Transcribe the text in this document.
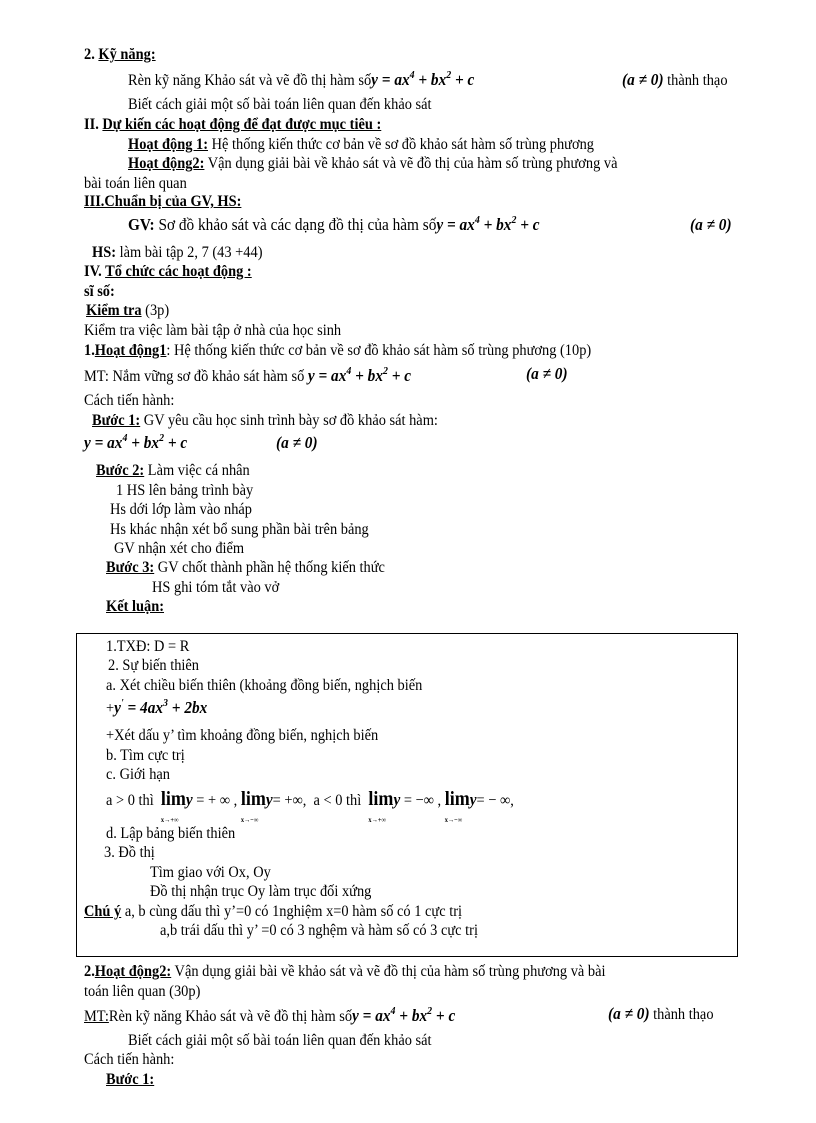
2. Kỹ năng:
Rèn kỹ năng Khảo sát và vẽ đồ thị hàm sốy = $ax^4 + bx^2 + c$	(a ≠ 0) thành thạo
Biết cách giải một số bài toán liên quan đến khảo sát
II. Dự kiến các hoạt động để đạt được mục tiêu :
Hoạt động 1: Hệ thống kiến thức cơ bản về sơ đồ khảo sát hàm số trùng phương
Hoạt động2: Vận dụng giải bài về khảo sát và vẽ đồ thị của hàm số trùng phương và
bài toán liên quan
III.Chuẩn bị của GV, HS:
GV: Sơ đồ khảo sát và các dạng đồ thị của hàm sốy = $ax^4 + bx^2 + c$	(a ≠ 0)
HS: làm bài tập 2, 7 (43 +44)
IV. Tổ chức các hoạt động :
sĩ số:
Kiểm tra (3p)
Kiểm tra việc làm bài tập ở nhà của học sinh
1.Hoạt động1: Hệ thống kiến thức cơ bản về sơ đồ khảo sát hàm số trùng phương (10p)
MT: Nắm vững sơ đồ khảo sát hàm số $y = ax^4 + bx^2 + c$	(a ≠ 0)
Cách tiến hành:
Bước 1: GV yêu cầu học sinh trình bày sơ đồ khảo sát hàm:
$y = ax^4 + bx^2 + c$	(a ≠ 0)
Bước 2: Làm việc cá nhân
1 HS lên bảng trình bày
Hs dới lớp làm vào nháp
Hs khác nhận xét bổ sung phần bài trên bảng
GV nhận xét cho điểm
Bước 3: GV chốt thành phần hệ thống kiến thức
HS ghi tóm tắt vào vở
Kết luận:
1.TXĐ: D = R
2. Sự biến thiên
a. Xét chiều biến thiên (khoảng đồng biến, nghịch biến
$+y' = 4ax^3 + 2bx$
+Xét dấu y’ tìm khoảng đồng biến, nghịch biến
b. Tìm cực trị
c. Giới hạn
a > 0 thì lim
x→+∞
y = + ∞ , lim
x→−∞
y= +∞, a < 0 thì lim
x→+∞
y = −∞ , lim
x→−∞
y= − ∞,
d. Lập bảng biến thiên
3. Đồ thị
Tìm giao với Ox, Oy
Đồ thị nhận trục Oy làm trục đối xứng
Chú ý a, b cùng dấu thì y’=0 có 1nghiệm x=0 hàm số có 1 cực trị
a,b trái dấu thì y’ =0 có 3 nghệm và hàm số có 3 cực trị
2.Hoạt động2: Vận dụng giải bài về khảo sát và vẽ đồ thị của hàm số trùng phương và bài
toán liên quan (30p)
MT:Rèn kỹ năng Khảo sát và vẽ đồ thị hàm sốy = $ax^4 + bx^2 + c$	(a ≠ 0) thành thạo
Biết cách giải một số bài toán liên quan đến khảo sát
Cách tiến hành:
Bước 1:
